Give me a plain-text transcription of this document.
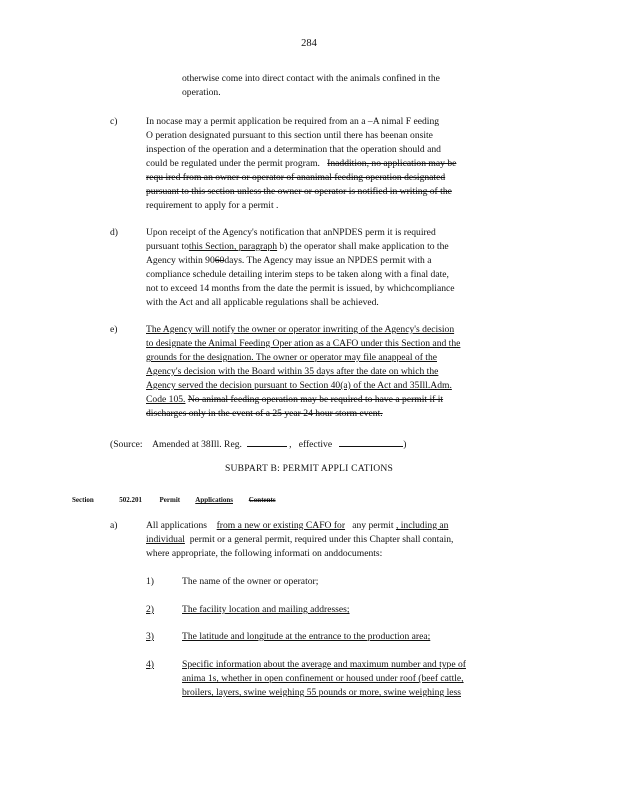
284
otherwise come into direct contact with the animals confined in the
operation.
c)	In nocase may a permit application be required from an a –A nimal F eeding
O peration designated pursuant to this section until there has beenan onsite
inspection of the operation and a determination that the operation should and
could be regulated under the permit program. Inaddition, no application may be
requ ired from an owner or operator of ananimal feeding operation designated
pursuant to this section unless the owner or operator is notified in writing of the
requirement to apply for a permit .
d)	Upon receipt of the Agency's notification that anNPDES perm it is required
pursuant tothis Section, paragraph b) the operator shall make application to the
Agency within 9060days. The Agency may issue an NPDES permit with a
compliance schedule detailing interim steps to be taken along with a final date,
not to exceed 14 months from the date the permit is issued, by whichcompliance
with the Act and all applicable regulations shall be achieved.
e)	The Agency will notify the owner or operator inwriting of the Agency's decision
to designate the Animal Feeding Oper ation as a CAFO under this Section and the
grounds for the designation. The owner or operator may file anappeal of the
Agency's decision with the Board within 35 days after the date on which the
Agency served the decision pursuant to Section 40(a) of the Act and 35Ill.Adm.
Code 105. No animal feeding operation may be required to have a permit if it
discharges only in the event of a 25 year 24 hour storm event.
(Source: Amended at 38Ill. Reg.	,   effective	)
SUBPART B: PERMIT APPLI CATIONS
Section	502.201	Permit Applications Contents
a)	All applications from a new or existing CAFO for any permit , including an
individual permit or a general permit, required under this Chapter shall contain,
where appropriate, the following informati on anddocuments:
1)	The name of the owner or operator;
2)	The facility location and mailing addresses;
3)	The latitude and longitude at the entrance to the production area;
4)	Specific information about the average and maximum number and type of
anima 1s, whether in open confinement or housed under roof (beef cattle,
broilers, layers, swine weighing 55 pounds or more, swine weighing less
